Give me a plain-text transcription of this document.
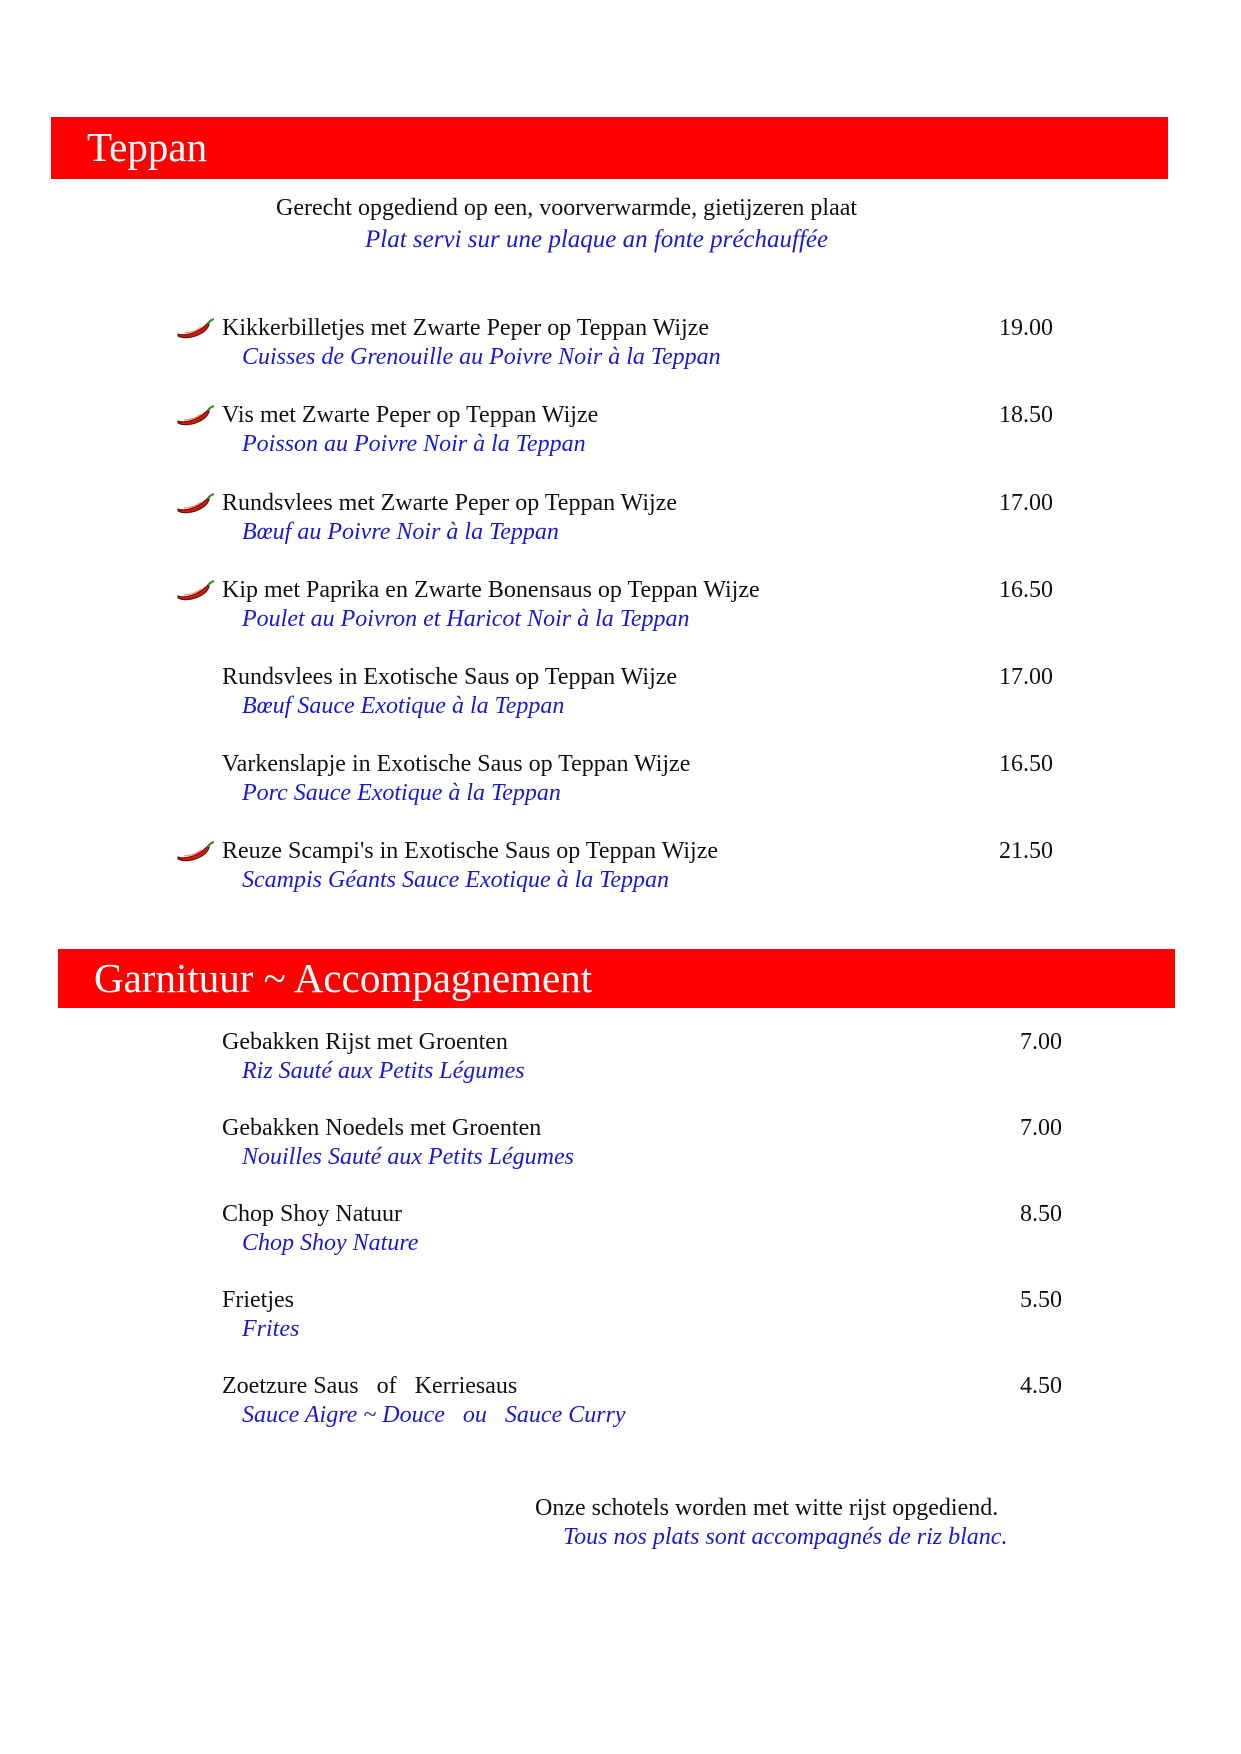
Teppan
Gerecht opgediend op een, voorverwarmde, gietijzeren plaat
Plat servi sur une plaque an fonte préchauffée
Kikkerbilletjes met Zwarte Peper op Teppan Wijze
Cuisses de Grenouille au Poivre Noir à la Teppan
19.00
Vis met Zwarte Peper op Teppan Wijze
Poisson au Poivre Noir à la Teppan
18.50
Rundsvlees met Zwarte Peper op Teppan Wijze
Bœuf au Poivre Noir à la Teppan
17.00
Kip met Paprika en Zwarte Bonensaus op Teppan Wijze
Poulet au Poivron et Haricot Noir à la Teppan
16.50
Rundsvlees in Exotische Saus op Teppan Wijze
Bœuf Sauce Exotique à la Teppan
17.00
Varkenslapje in Exotische Saus op Teppan Wijze
Porc Sauce Exotique à la Teppan
16.50
Reuze Scampi's in Exotische Saus op Teppan Wijze
Scampis Géants Sauce Exotique à la Teppan
21.50
Garnituur ~ Accompagnement
Gebakken Rijst met Groenten
Riz Sauté aux Petits Légumes
7.00
Gebakken Noedels met Groenten
Nouilles Sauté aux Petits Légumes
7.00
Chop Shoy Natuur
Chop Shoy Nature
8.50
Frietjes
Frites
5.50
Zoetzure Saus   of   Kerriesaus
Sauce Aigre ~ Douce   ou   Sauce Curry
4.50
Onze schotels worden met witte rijst opgediend.
Tous nos plats sont accompagnés de riz blanc.
